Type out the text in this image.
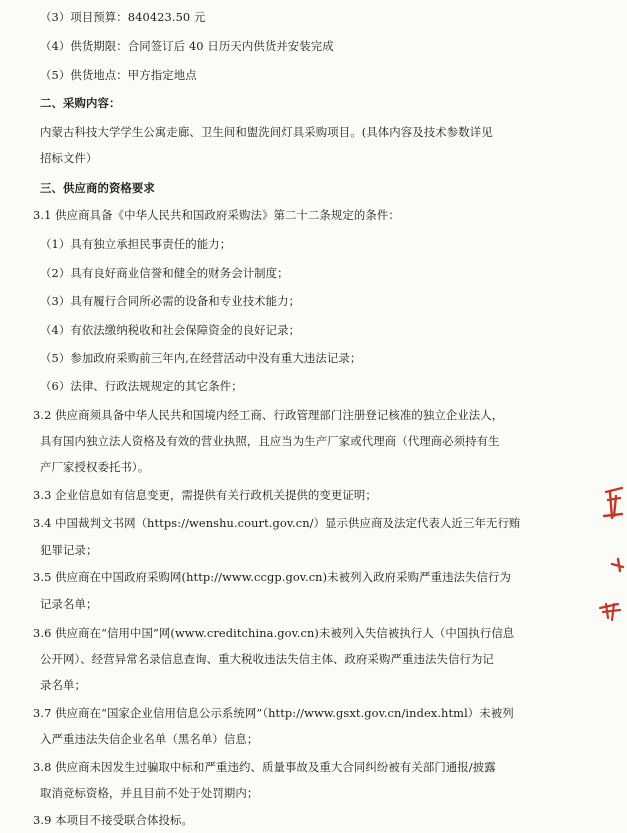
（3）项目预算：840423.50 元
（4）供货期限：合同签订后 40 日历天内供货并安装完成
（5）供货地点：甲方指定地点
二、采购内容：
内蒙古科技大学学生公寓走廊、卫生间和盥洗间灯具采购项目。(具体内容及技术参数详见
招标文件）
三、供应商的资格要求
3.1 供应商具备《中华人民共和国政府采购法》第二十二条规定的条件：
（1）具有独立承担民事责任的能力；
（2）具有良好商业信誉和健全的财务会计制度；
（3）具有履行合同所必需的设备和专业技术能力；
（4）有依法缴纳税收和社会保障资金的良好记录；
（5）参加政府采购前三年内,在经营活动中没有重大违法记录；
（6）法律、行政法规规定的其它条件；
3.2 供应商须具备中华人民共和国境内经工商、行政管理部门注册登记核准的独立企业法人，
具有国内独立法人资格及有效的营业执照，且应当为生产厂家或代理商（代理商必须持有生
产厂家授权委托书）。
3.3 企业信息如有信息变更，需提供有关行政机关提供的变更证明；
3.4 中国裁判文书网（https://wenshu.court.gov.cn/）显示供应商及法定代表人近三年无行贿
犯罪记录；
3.5 供应商在中国政府采购网(http://www.ccgp.gov.cn)未被列入政府采购严重违法失信行为
记录名单；
3.6 供应商在“信用中国”网(www.creditchina.gov.cn)未被列入失信被执行人（中国执行信息
公开网）、经营异常名录信息查询、重大税收违法失信主体、政府采购严重违法失信行为记
录名单；
3.7 供应商在“国家企业信用信息公示系统网”（http://www.gsxt.gov.cn/index.html）未被列
入严重违法失信企业名单（黑名单）信息；
3.8 供应商未因发生过骗取中标和严重违约、质量事故及重大合同纠纷被有关部门通报/披露
取消竞标资格，并且目前不处于处罚期内；
3.9 本项目不接受联合体投标。
